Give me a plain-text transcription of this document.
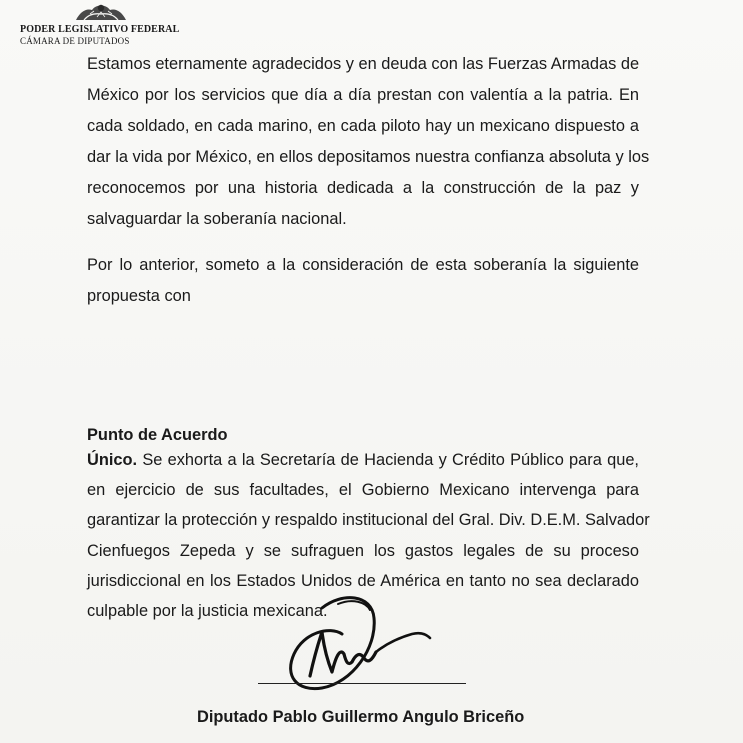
PODER LEGISLATIVO FEDERAL
CÁMARA DE DIPUTADOS
Estamos eternamente agradecidos y en deuda con las Fuerzas Armadas de
México por los servicios que día a día prestan con valentía a la patria. En
cada soldado, en cada marino, en cada piloto hay un mexicano dispuesto a
dar la vida por México, en ellos depositamos nuestra confianza absoluta y los
reconocemos por una historia dedicada a la construcción de la paz y
salvaguardar la soberanía nacional.
Por lo anterior, someto a la consideración de esta soberanía la siguiente
propuesta con
Punto de Acuerdo
Único. Se exhorta a la Secretaría de Hacienda y Crédito Público para que,
en ejercicio de sus facultades, el Gobierno Mexicano intervenga para
garantizar la protección y respaldo institucional del Gral. Div. D.E.M. Salvador
Cienfuegos Zepeda y se sufraguen los gastos legales de su proceso
jurisdiccional en los Estados Unidos de América en tanto no sea declarado
culpable por la justicia mexicana.
Diputado Pablo Guillermo Angulo Briceño
